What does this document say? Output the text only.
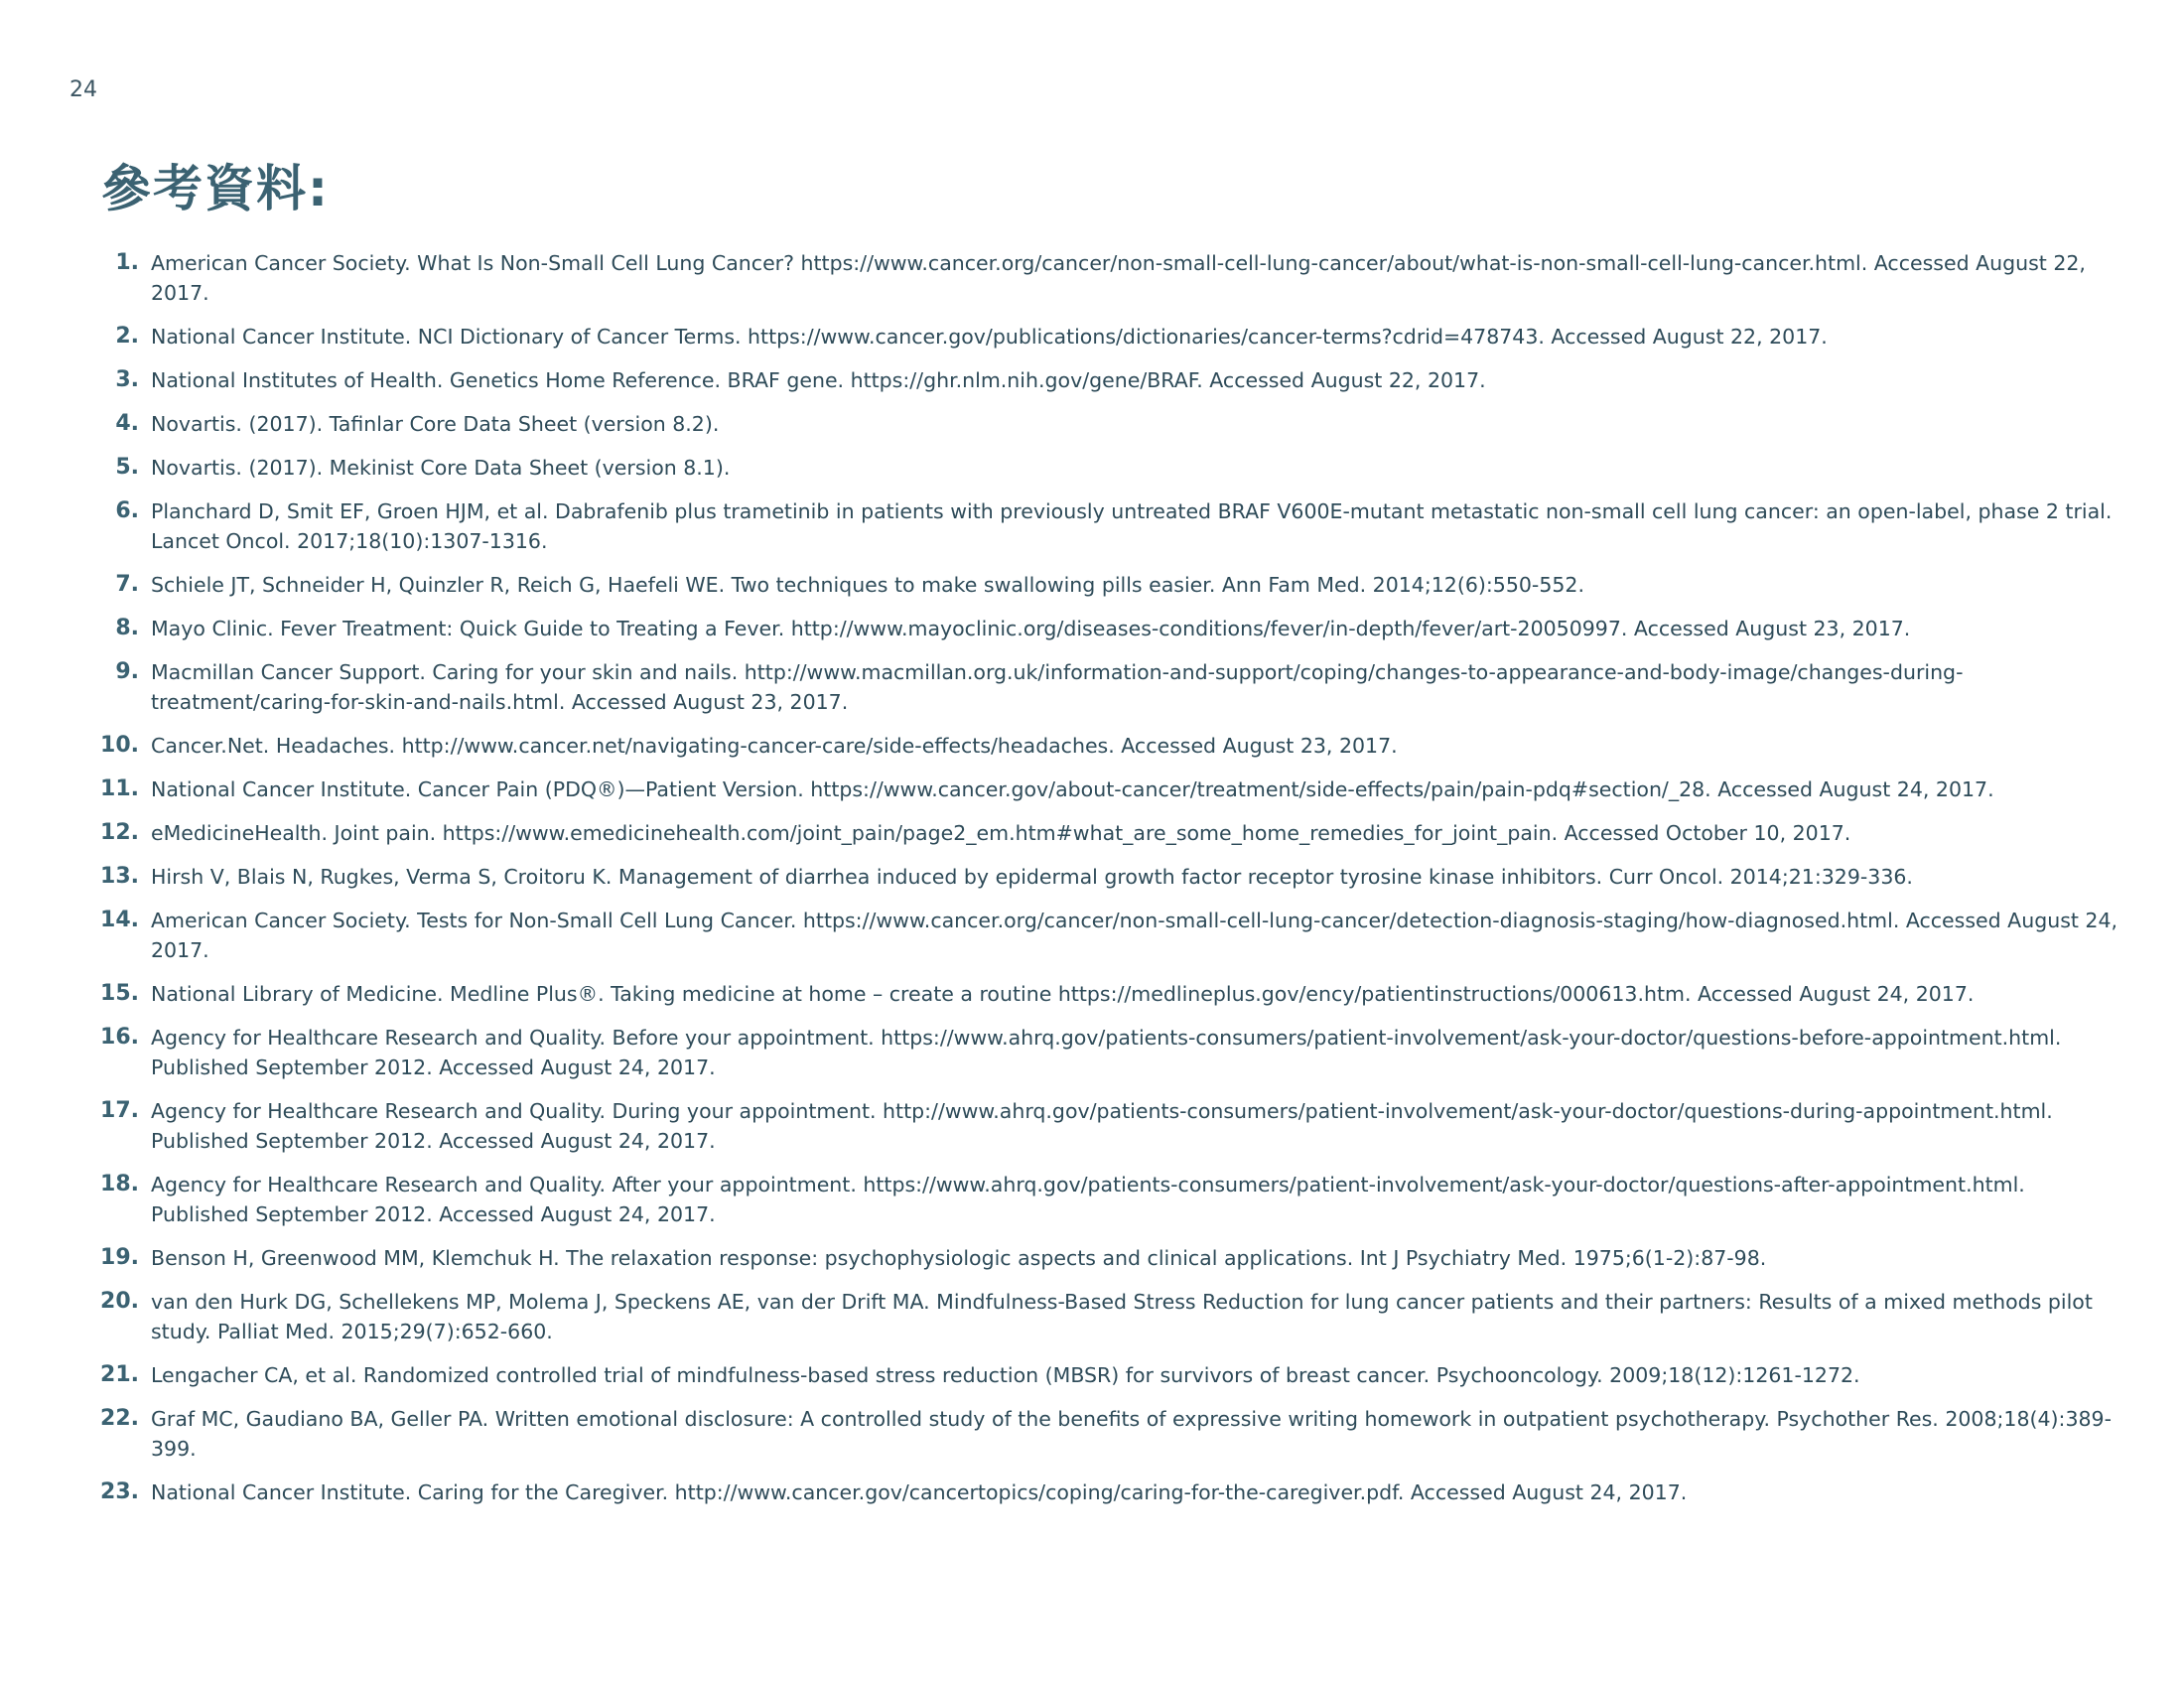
24
參考資料:
1. American Cancer Society. What Is Non-Small Cell Lung Cancer? https://www.cancer.org/cancer/non-small-cell-lung-cancer/about/what-is-non-small-cell-lung-cancer.html. Accessed August 22, 2017.
2. National Cancer Institute. NCI Dictionary of Cancer Terms. https://www.cancer.gov/publications/dictionaries/cancer-terms?cdrid=478743. Accessed August 22, 2017.
3. National Institutes of Health. Genetics Home Reference. BRAF gene. https://ghr.nlm.nih.gov/gene/BRAF. Accessed August 22, 2017.
4. Novartis. (2017). Tafinlar Core Data Sheet (version 8.2).
5. Novartis. (2017). Mekinist Core Data Sheet (version 8.1).
6. Planchard D, Smit EF, Groen HJM, et al. Dabrafenib plus trametinib in patients with previously untreated BRAF V600E-mutant metastatic non-small cell lung cancer: an open-label, phase 2 trial. Lancet Oncol. 2017;18(10):1307-1316.
7. Schiele JT, Schneider H, Quinzler R, Reich G, Haefeli WE. Two techniques to make swallowing pills easier. Ann Fam Med. 2014;12(6):550-552.
8. Mayo Clinic. Fever Treatment: Quick Guide to Treating a Fever. http://www.mayoclinic.org/diseases-conditions/fever/in-depth/fever/art-20050997. Accessed August 23, 2017.
9. Macmillan Cancer Support. Caring for your skin and nails. http://www.macmillan.org.uk/information-and-support/coping/changes-to-appearance-and-body-image/changes-during-treatment/caring-for-skin-and-nails.html. Accessed August 23, 2017.
10. Cancer.Net. Headaches. http://www.cancer.net/navigating-cancer-care/side-effects/headaches. Accessed August 23, 2017.
11. National Cancer Institute. Cancer Pain (PDQ®)—Patient Version. https://www.cancer.gov/about-cancer/treatment/side-effects/pain/pain-pdq#section/_28. Accessed August 24, 2017.
12. eMedicineHealth. Joint pain. https://www.emedicinehealth.com/joint_pain/page2_em.htm#what_are_some_home_remedies_for_joint_pain. Accessed October 10, 2017.
13. Hirsh V, Blais N, Rugkes, Verma S, Croitoru K. Management of diarrhea induced by epidermal growth factor receptor tyrosine kinase inhibitors. Curr Oncol. 2014;21:329-336.
14. American Cancer Society. Tests for Non-Small Cell Lung Cancer. https://www.cancer.org/cancer/non-small-cell-lung-cancer/detection-diagnosis-staging/how-diagnosed.html. Accessed August 24, 2017.
15. National Library of Medicine. Medline Plus®. Taking medicine at home – create a routine https://medlineplus.gov/ency/patientinstructions/000613.htm. Accessed August 24, 2017.
16. Agency for Healthcare Research and Quality. Before your appointment. https://www.ahrq.gov/patients-consumers/patient-involvement/ask-your-doctor/questions-before-appointment.html. Published September 2012. Accessed August 24, 2017.
17. Agency for Healthcare Research and Quality. During your appointment. http://www.ahrq.gov/patients-consumers/patient-involvement/ask-your-doctor/questions-during-appointment.html. Published September 2012. Accessed August 24, 2017.
18. Agency for Healthcare Research and Quality. After your appointment. https://www.ahrq.gov/patients-consumers/patient-involvement/ask-your-doctor/questions-after-appointment.html. Published September 2012. Accessed August 24, 2017.
19. Benson H, Greenwood MM, Klemchuk H. The relaxation response: psychophysiologic aspects and clinical applications. Int J Psychiatry Med. 1975;6(1-2):87-98.
20. van den Hurk DG, Schellekens MP, Molema J, Speckens AE, van der Drift MA. Mindfulness-Based Stress Reduction for lung cancer patients and their partners: Results of a mixed methods pilot study. Palliat Med. 2015;29(7):652-660.
21. Lengacher CA, et al. Randomized controlled trial of mindfulness-based stress reduction (MBSR) for survivors of breast cancer. Psychooncology. 2009;18(12):1261-1272.
22. Graf MC, Gaudiano BA, Geller PA. Written emotional disclosure: A controlled study of the benefits of expressive writing homework in outpatient psychotherapy. Psychother Res. 2008;18(4):389-399.
23. National Cancer Institute. Caring for the Caregiver. http://www.cancer.gov/cancertopics/coping/caring-for-the-caregiver.pdf. Accessed August 24, 2017.
